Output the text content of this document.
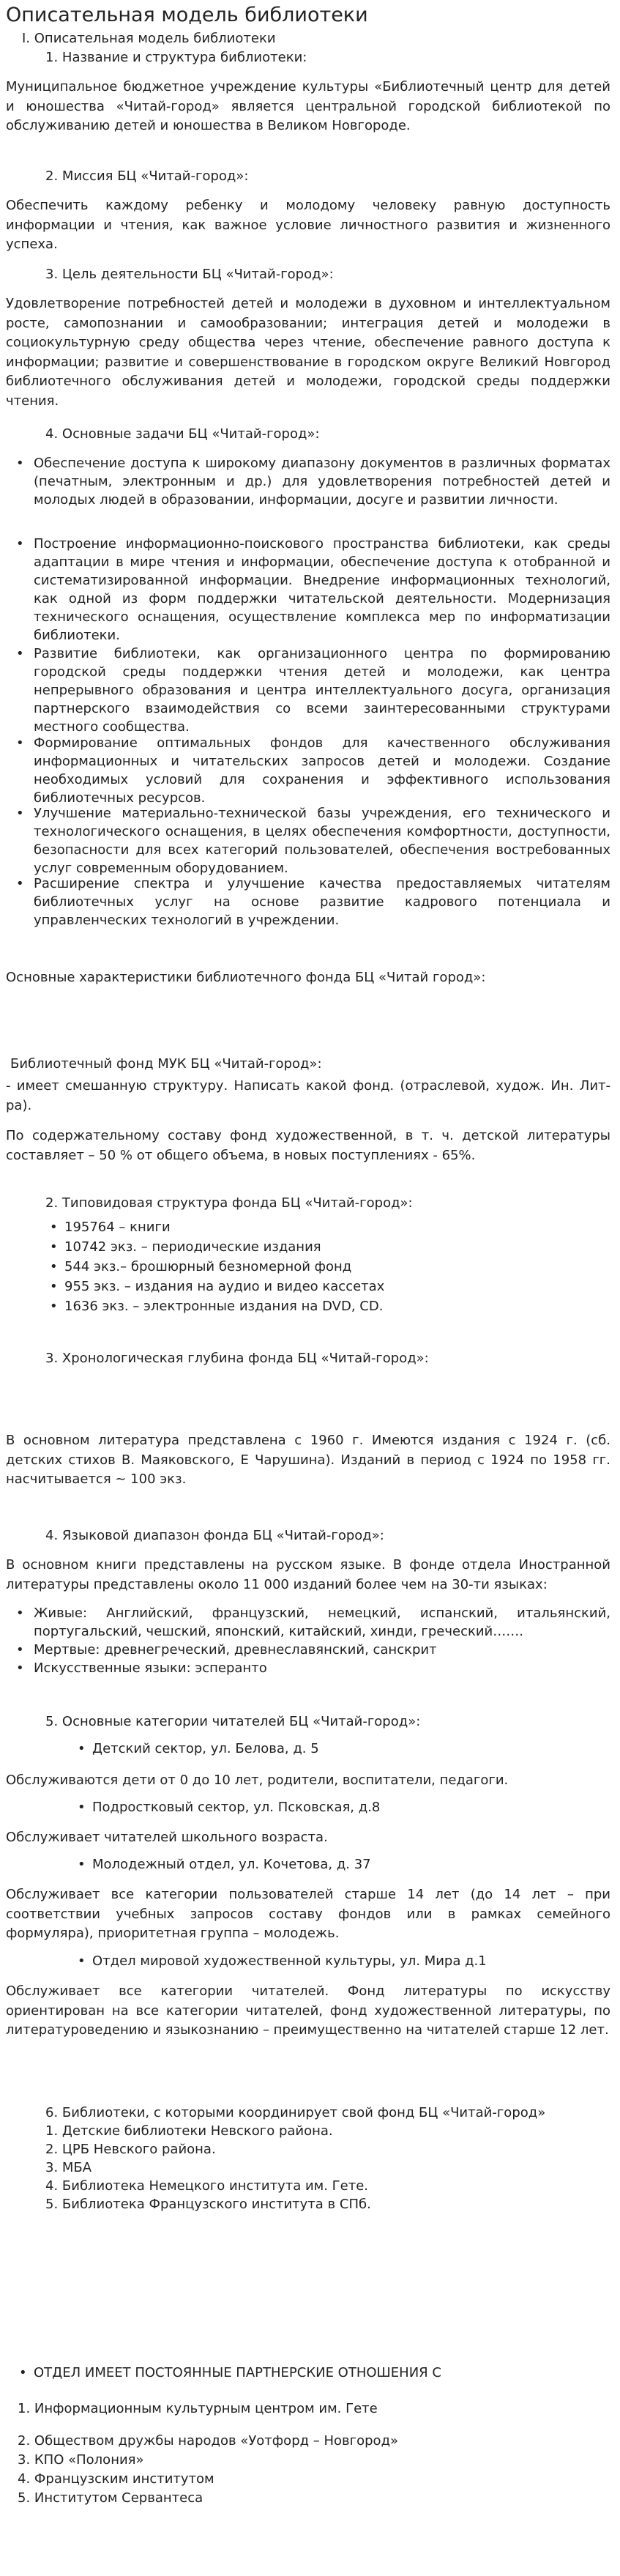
Описательная модель библиотеки
I. Описательная модель библиотеки
1. Название и структура библиотеки:
Муниципальное бюджетное учреждение культуры «Библиотечный центр для детей и юношества «Читай-город» является центральной городской библиотекой по обслуживанию детей и юношества в Великом Новгороде.
2. Миссия БЦ «Читай-город»:
Обеспечить каждому ребенку и молодому человеку равную доступность информации и чтения, как важное условие личностного развития и жизненного успеха.
3. Цель деятельности БЦ «Читай-город»:
Удовлетворение потребностей детей и молодежи в духовном и интеллектуальном росте, самопознании и самообразовании; интеграция детей и молодежи в социокультурную среду общества через чтение, обеспечение равного доступа к информации; развитие и совершенствование в городском округе Великий Новгород библиотечного обслуживания детей и молодежи, городской среды поддержки чтения.
4. Основные задачи БЦ «Читай-город»:
• Обеспечение доступа к широкому диапазону документов в различных форматах (печатным, электронным и др.) для удовлетворения потребностей детей и молодых людей в образовании, информации, досуге и развитии личности.
• Построение информационно-поискового пространства библиотеки, как среды адаптации в мире чтения и информации, обеспечение доступа к отобранной и систематизированной информации. Внедрение информационных технологий, как одной из форм поддержки читательской деятельности. Модернизация технического оснащения, осуществление комплекса мер по информатизации библиотеки.
• Развитие библиотеки, как организационного центра по формированию городской среды поддержки чтения детей и молодежи, как центра непрерывного образования и центра интеллектуального досуга, организация партнерского взаимодействия со всеми заинтересованными структурами местного сообщества.
• Формирование оптимальных фондов для качественного обслуживания информационных и читательских запросов детей и молодежи. Создание необходимых условий для сохранения и эффективного использования библиотечных ресурсов.
• Улучшение материально-технической базы учреждения, его технического и технологического оснащения, в целях обеспечения комфортности, доступности, безопасности для всех категорий пользователей, обеспечения востребованных услуг современным оборудованием.
• Расширение спектра и улучшение качества предоставляемых читателям библиотечных услуг на основе развитие кадрового потенциала и управленческих технологий в учреждении.
Основные характеристики библиотечного фонда БЦ «Читай город»:
Библиотечный фонд МУК БЦ «Читай-город»:
- имеет смешанную структуру. Написать какой фонд. (отраслевой, худож. Ин. Лит-ра).
По содержательному составу фонд художественной, в т. ч. детской литературы составляет – 50 % от общего объема, в новых поступлениях - 65%.
2. Типовидовая структура фонда БЦ «Читай-город»:
• 195764 – книги
• 10742 экз. – периодические издания
• 544 экз.– брошюрный безномерной фонд
• 955 экз. – издания на аудио и видео кассетах
• 1636 экз. – электронные издания на DVD, CD.
3. Хронологическая глубина фонда БЦ «Читай-город»:
В основном литература представлена с 1960 г. Имеются издания с 1924 г. (сб. детских стихов В. Маяковского, Е Чарушина). Изданий в период с 1924 по 1958 гг. насчитывается ~ 100 экз.
4. Языковой диапазон фонда БЦ «Читай-город»:
В основном книги представлены на русском языке. В фонде отдела Иностранной литературы представлены около 11 000 изданий более чем на 30-ти языках:
• Живые: Английский, французский, немецкий, испанский, итальянский, португальский, чешский, японский, китайский, хинди, греческий…….
• Мертвые: древнегреческий, древнеславянский, санскрит
• Искусственные языки: эсперанто
5. Основные категории читателей БЦ «Читай-город»:
• Детский сектор, ул. Белова, д. 5
Обслуживаются дети от 0 до 10 лет, родители, воспитатели, педагоги.
• Подростковый сектор, ул. Псковская, д.8
Обслуживает читателей школьного возраста.
• Молодежный отдел, ул. Кочетова, д. 37
Обслуживает все категории пользователей старше 14 лет (до 14 лет – при соответствии учебных запросов составу фондов или в рамках семейного формуляра), приоритетная группа – молодежь.
• Отдел мировой художественной культуры, ул. Мира д.1
Обслуживает все категории читателей. Фонд литературы по искусству ориентирован на все категории читателей, фонд художественной литературы, по литературоведению и языкознанию – преимущественно на читателей старше 12 лет.
6. Библиотеки, с которыми координирует свой фонд БЦ «Читай-город»
1. Детские библиотеки Невского района.
2. ЦРБ Невского района.
3. МБА
4. Библиотека Немецкого института им. Гете.
5. Библиотека Французского института в СПб.
• ОТДЕЛ ИМЕЕТ ПОСТОЯННЫЕ ПАРТНЕРСКИЕ ОТНОШЕНИЯ С
1. Информационным культурным центром им. Гете
2. Обществом дружбы народов «Уотфорд – Новгород»
3. КПО «Полония»
4. Французским институтом
5. Институтом Сервантеса
